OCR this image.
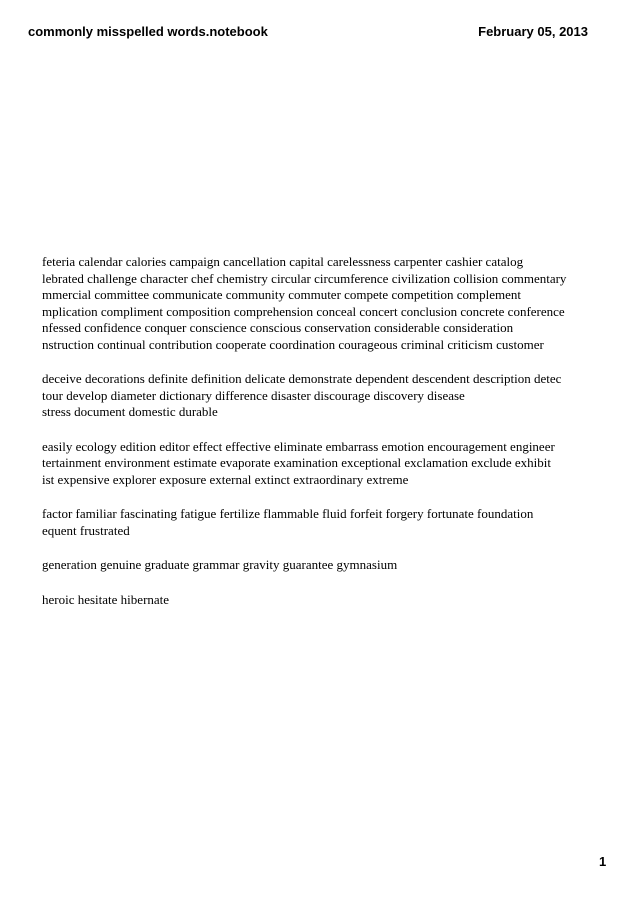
commonly misspelled words.notebook	February 05, 2013
feteria calendar calories campaign cancellation capital carelessness carpenter cashier catalog
lebrated challenge character chef chemistry circular circumference civilization collision commentary
mmercial committee communicate community commuter compete competition complement
mplication compliment composition comprehension conceal concert conclusion concrete conference
nfessed confidence conquer conscience conscious conservation considerable consideration
nstruction continual contribution cooperate coordination courageous criminal criticism customer
deceive decorations definite definition delicate demonstrate dependent descendent description detec
tour develop diameter dictionary difference disaster discourage discovery disease
stress document domestic durable
easily ecology edition editor effect effective eliminate embarrass emotion encouragement engineer
tertainment environment estimate evaporate examination exceptional exclamation exclude exhibit
ist expensive explorer exposure external extinct extraordinary extreme
factor familiar fascinating fatigue fertilize flammable fluid forfeit forgery fortunate foundation
equent frustrated
generation genuine graduate grammar gravity guarantee gymnasium
heroic hesitate hibernate
1
